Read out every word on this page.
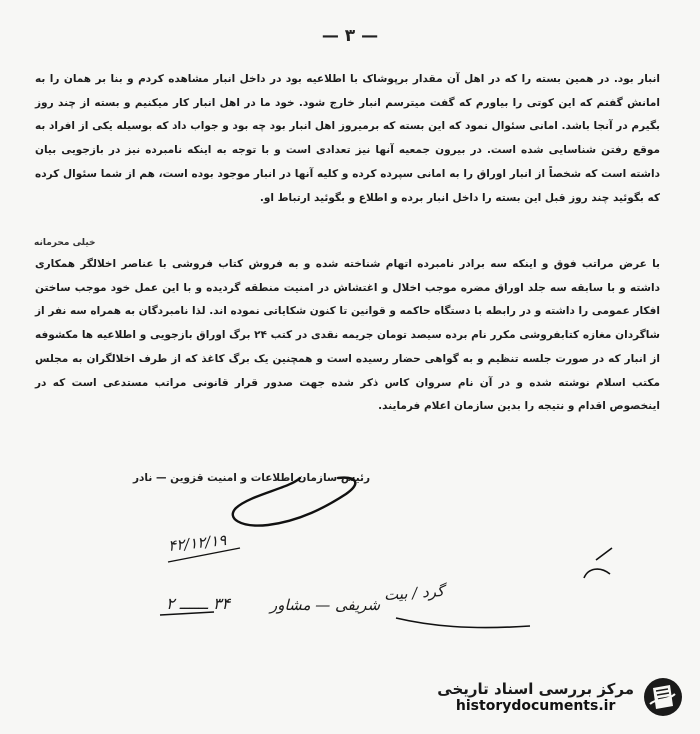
— ۳ —
خیلی محرمانه
انبار بود. در همین بسته را که در اهل آن مقدار برپوشاک با اطلاعیه بود در داخل انبار مشاهده کردم و بنا بر همان را به امانش گفتم که این کوتی را بیاورم که گفت میترسم انبار خارج شود. خود ما در اهل انبار کار میکنیم و بسته از چند روز بگیرم در آنجا باشد. امانی سئوال نمود که این بسته که برمیروز اهل انبار بود چه بود و جواب داد که بوسیله یکی از افراد به موقع رفتن شناسایی شده است. در بیرون جمعیه آنها نیز تعدادی است و با توجه به اینکه نامبرده نیز در بازجویی بیان داشته است که شخصاً از انبار اوراق را به امانی سپرده کرده و کلیه آنها در انبار موجود بوده است، هم از شما سئوال کرده که بگوئید چند روز قبل این بسته را داخل انبار برده و اطلاع و بگوئید ارتباط او.
با عرض مراتب فوق و اینکه سه برادر نامبرده اتهام شناخته شده و به فروش کتاب فروشی با عناصر اخلالگر همکاری داشته و با سابقه سه جلد اوراق مضره موجب اخلال و اغتشاش در امنیت منطقه گردیده و با این عمل خود موجب ساختن افکار عمومی را داشته و در رابطه با دستگاه حاکمه و قوانین تا کنون شکایاتی نموده اند. لذا نامبردگان به همراه سه نفر از شاگردان مغازه کتابفروشی مکرر نام برده سیصد تومان جریمه نقدی در کتب ۲۴ برگ اوراق بازجویی و اطلاعیه ها مکشوفه از انبار که در صورت جلسه تنظیم و به گواهی حضار رسیده است و همچنین یک برگ کاغذ که از طرف اخلالگران به مجلس مکتب اسلام نوشته شده و در آن نام سروان کاس ذکر شده جهت صدور قرار قانونی مراتب مستدعی است که در اینخصوص اقدام و نتیجه را بدین سازمان اعلام فرمایند.
رئیس سازمان اطلاعات و امنیت قزوین — نادر
۴۲/۱۲/۱۹
۳۴ ــــــ ۲	شریفی — مشاور
گرد / بیت
مرکز بررسی اسناد تاریخی
historydocuments.ir
